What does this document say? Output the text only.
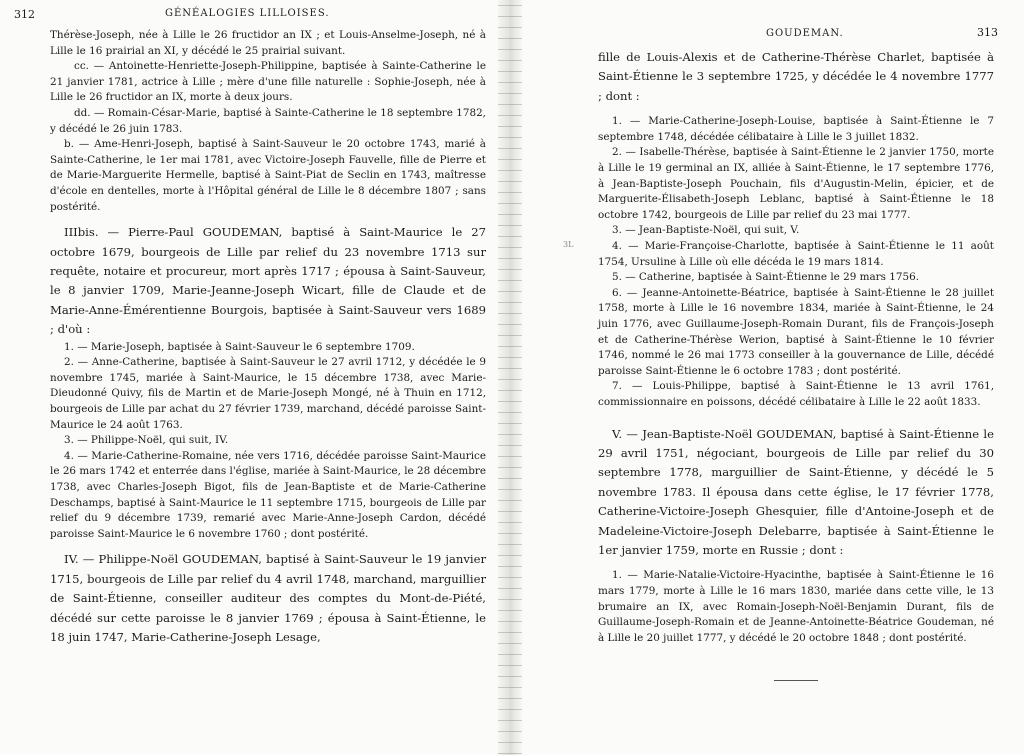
312	GÉNÉALOGIES LILLOISES.

Thérèse-Joseph, née à Lille le 26 fructidor an IX ; et Louis-Anselme-Joseph, né à Lille le 16 prairial an XI, y décédé le 25 prairial suivant.

cc. — Antoinette-Henriette-Joseph-Philippine, baptisée à Sainte-Catherine le 21 janvier 1781, actrice à Lille ; mère d'une fille naturelle : Sophie-Joseph, née à Lille le 26 fructidor an IX, morte à deux jours.

dd. — Romain-César-Marie, baptisé à Sainte-Catherine le 18 septembre 1782, y décédé le 26 juin 1783.

b. — Ame-Henri-Joseph, baptisé à Saint-Sauveur le 20 octobre 1743, marié à Sainte-Catherine, le 1er mai 1781, avec Victoire-Joseph Fauvelle, fille de Pierre et de Marie-Marguerite Hermelle, baptisé à Saint-Piat de Seclin en 1743, maîtresse d'école en dentelles, morte à l'Hôpital général de Lille le 8 décembre 1807 ; sans postérité.

IIIbis. — Pierre-Paul GOUDEMAN, baptisé à Saint-Maurice le 27 octobre 1679, bourgeois de Lille par relief du 23 novembre 1713 sur requête, notaire et procureur, mort après 1717 ; épousa à Saint-Sauveur, le 8 janvier 1709, Marie-Jeanne-Joseph Wicart, fille de Claude et de Marie-Anne-Émérentienne Bourgois, baptisée à Saint-Sauveur vers 1689 ; d'où :

1. — Marie-Joseph, baptisée à Saint-Sauveur le 6 septembre 1709.

2. — Anne-Catherine, baptisée à Saint-Sauveur le 27 avril 1712, y décédée le 9 novembre 1745, mariée à Saint-Maurice, le 15 décembre 1738, avec Marie-Dieudonné Quivy, fils de Martin et de Marie-Joseph Mongé, né à Thuin en 1712, bourgeois de Lille par achat du 27 février 1739, marchand, décédé paroisse Saint-Maurice le 24 août 1763.

3. — Philippe-Noël, qui suit, IV.

4. — Marie-Catherine-Romaine, née vers 1716, décédée paroisse Saint-Maurice le 26 mars 1742 et enterrée dans l'église, mariée à Saint-Maurice, le 28 décembre 1738, avec Charles-Joseph Bigot, fils de Jean-Baptiste et de Marie-Catherine Deschamps, baptisé à Saint-Maurice le 11 septembre 1715, bourgeois de Lille par relief du 9 décembre 1739, remarié avec Marie-Anne-Joseph Cardon, décédé paroisse Saint-Maurice le 6 novembre 1760 ; dont postérité.

IV. — Philippe-Noël GOUDEMAN, baptisé à Saint-Sauveur le 19 janvier 1715, bourgeois de Lille par relief du 4 avril 1748, marchand, marguillier de Saint-Étienne, conseiller auditeur des comptes du Mont-de-Piété, décédé sur cette paroisse le 8 janvier 1769 ; épousa à Saint-Étienne, le 18 juin 1747, Marie-Catherine-Joseph Lesage,

3L
GOUDEMAN.	313

fille de Louis-Alexis et de Catherine-Thérèse Charlet, baptisée à Saint-Étienne le 3 septembre 1725, y décédée le 4 novembre 1777 ; dont :

1. — Marie-Catherine-Joseph-Louise, baptisée à Saint-Étienne le 7 septembre 1748, décédée célibataire à Lille le 3 juillet 1832.

2. — Isabelle-Thérèse, baptisée à Saint-Étienne le 2 janvier 1750, morte à Lille le 19 germinal an IX, alliée à Saint-Étienne, le 17 septembre 1776, à Jean-Baptiste-Joseph Pouchain, fils d'Augustin-Melin, épicier, et de Marguerite-Élisabeth-Joseph Leblanc, baptisé à Saint-Étienne le 18 octobre 1742, bourgeois de Lille par relief du 23 mai 1777.

3. — Jean-Baptiste-Noël, qui suit, V.

4. — Marie-Françoise-Charlotte, baptisée à Saint-Étienne le 11 août 1754, Ursuline à Lille où elle décéda le 19 mars 1814.

5. — Catherine, baptisée à Saint-Étienne le 29 mars 1756.

6. — Jeanne-Antoinette-Béatrice, baptisée à Saint-Étienne le 28 juillet 1758, morte à Lille le 16 novembre 1834, mariée à Saint-Étienne, le 24 juin 1776, avec Guillaume-Joseph-Romain Durant, fils de François-Joseph et de Catherine-Thérèse Werion, baptisé à Saint-Étienne le 10 février 1746, nommé le 26 mai 1773 conseiller à la gouvernance de Lille, décédé paroisse Saint-Étienne le 6 octobre 1783 ; dont postérité.

7. — Louis-Philippe, baptisé à Saint-Étienne le 13 avril 1761, commissionnaire en poissons, décédé célibataire à Lille le 22 août 1833.

V. — Jean-Baptiste-Noël GOUDEMAN, baptisé à Saint-Étienne le 29 avril 1751, négociant, bourgeois de Lille par relief du 30 septembre 1778, marguillier de Saint-Étienne, y décédé le 5 novembre 1783. Il épousa dans cette église, le 17 février 1778, Catherine-Victoire-Joseph Ghesquier, fille d'Antoine-Joseph et de Madeleine-Victoire-Joseph Delebarre, baptisée à Saint-Étienne le 1er janvier 1759, morte en Russie ; dont :

1. — Marie-Natalie-Victoire-Hyacinthe, baptisée à Saint-Étienne le 16 mars 1779, morte à Lille le 16 mars 1830, mariée dans cette ville, le 13 brumaire an IX, avec Romain-Joseph-Noël-Benjamin Durant, fils de Guillaume-Joseph-Romain et de Jeanne-Antoinette-Béatrice Goudeman, né à Lille le 20 juillet 1777, y décédé le 20 octobre 1848 ; dont postérité.
